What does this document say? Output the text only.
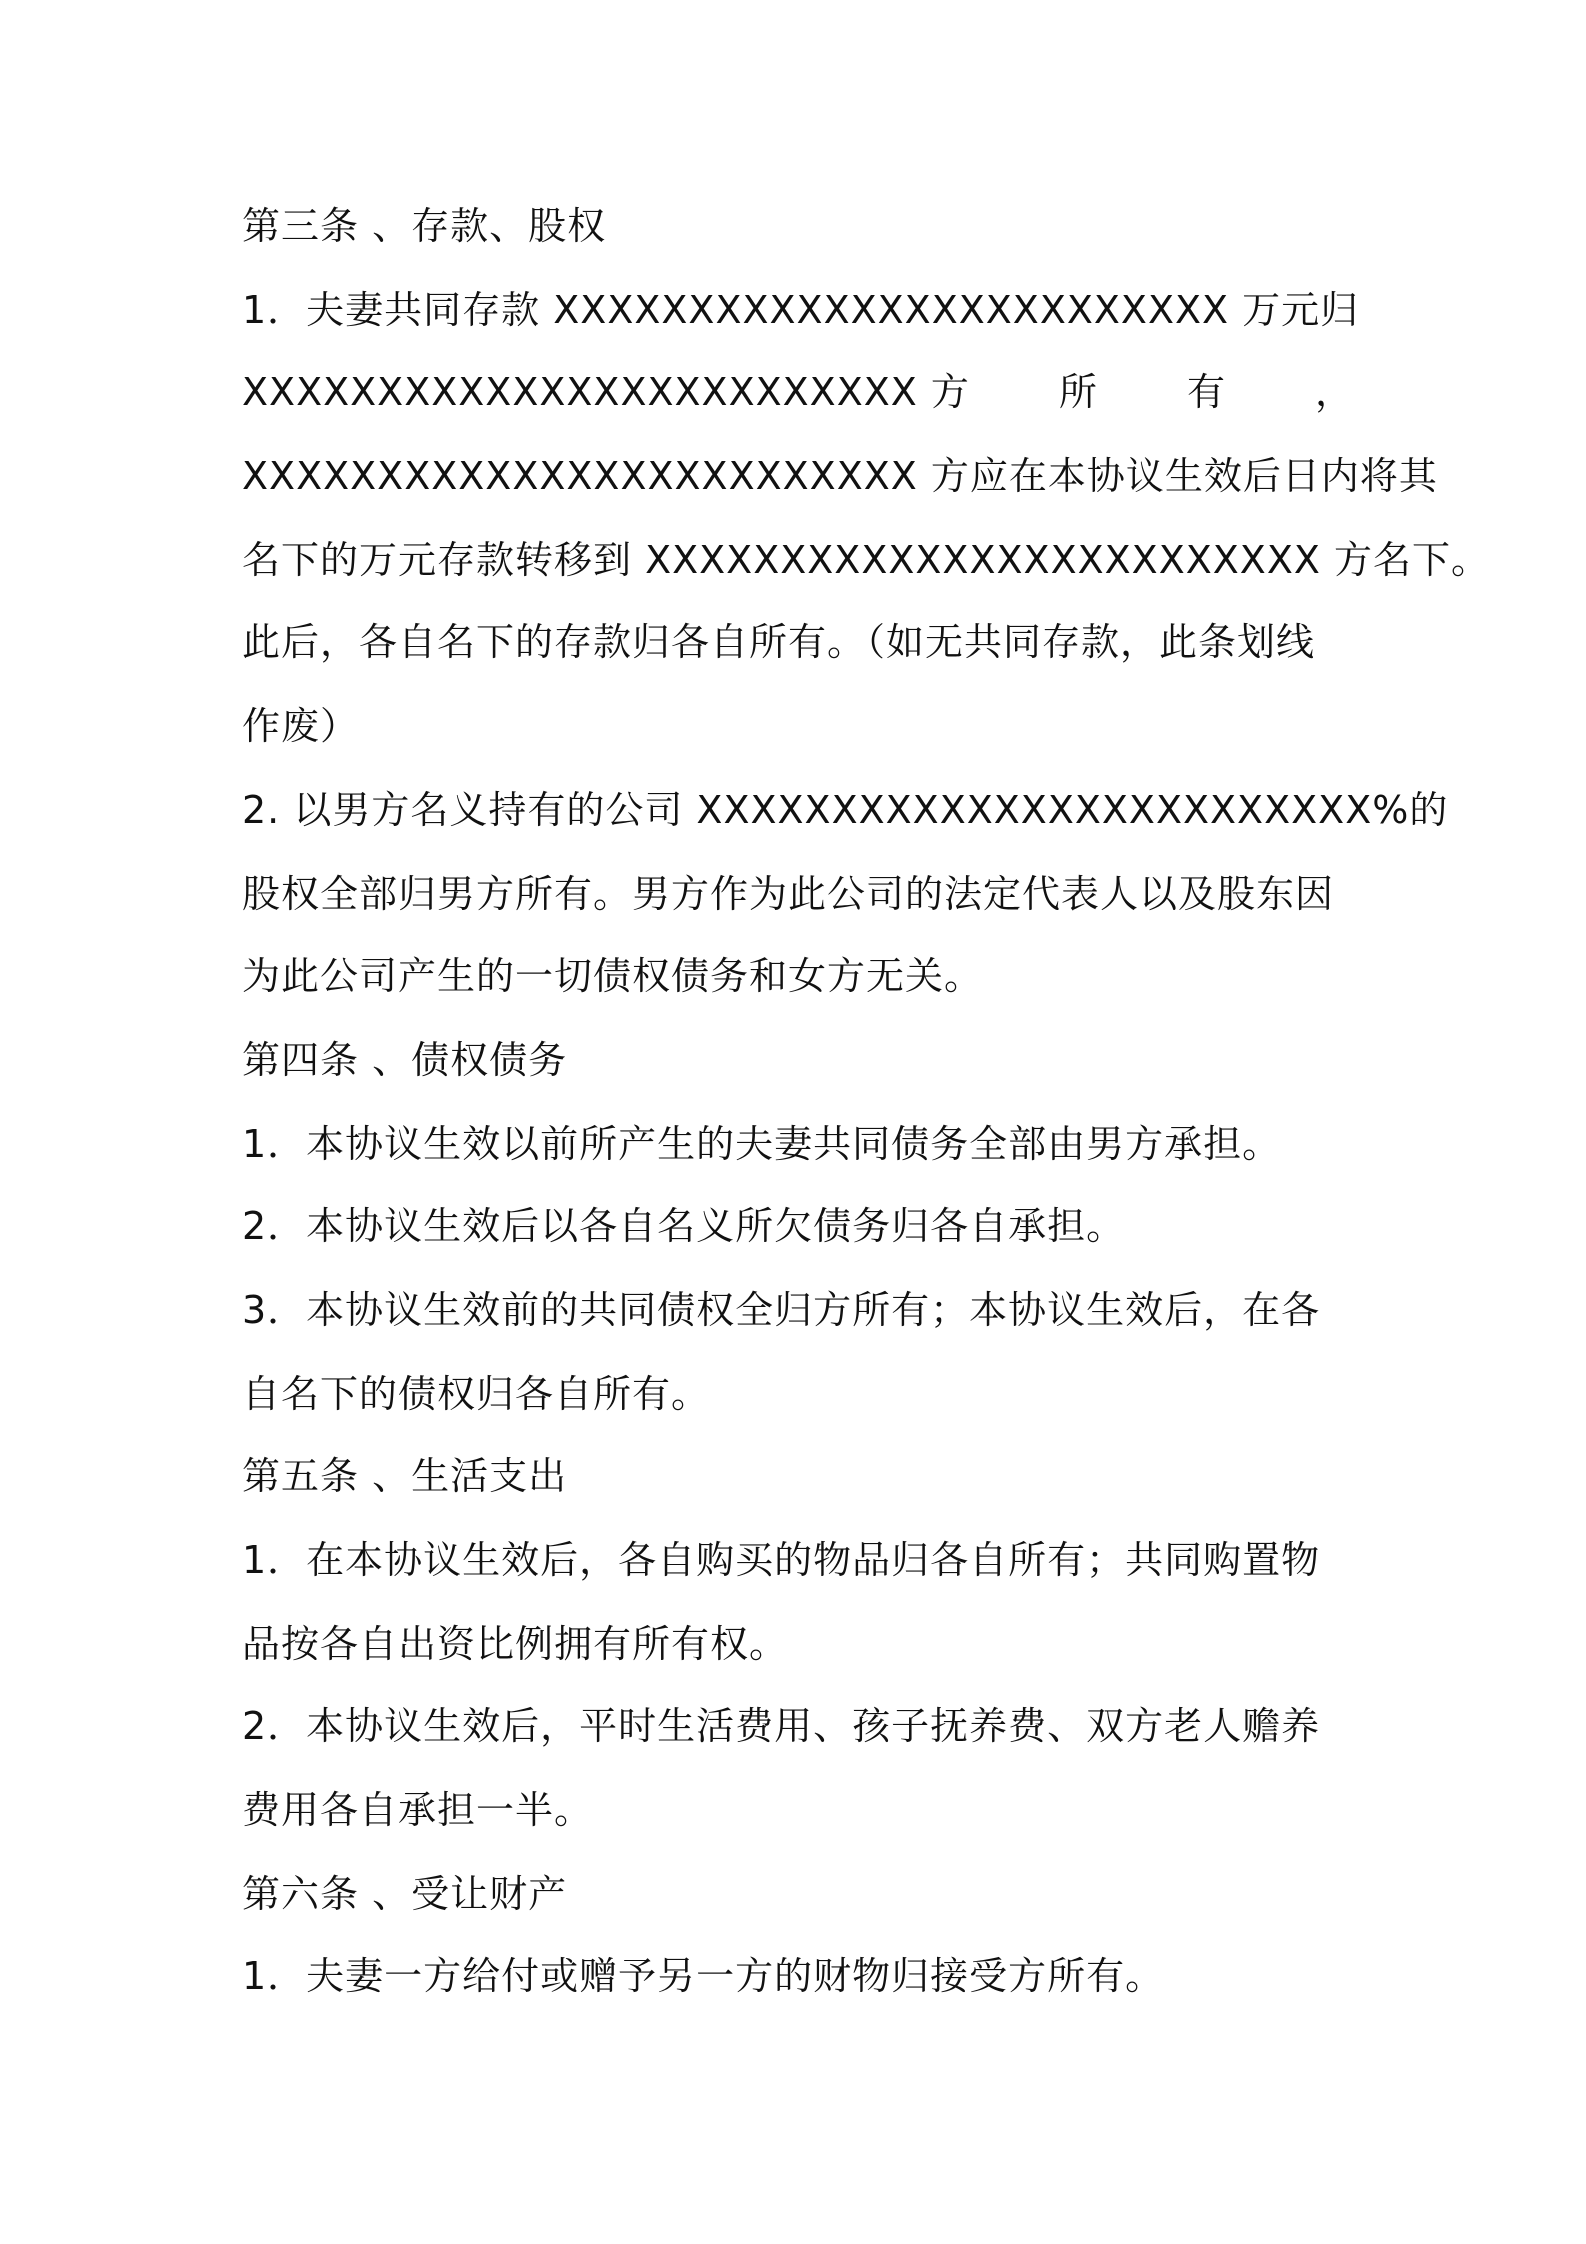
第三条 、存款、股权
1．夫妻共同存款 XXXXXXXXXXXXXXXXXXXXXXXXX 万元归
XXXXXXXXXXXXXXXXXXXXXXXXX 方 所 有 ，
XXXXXXXXXXXXXXXXXXXXXXXXX 方应在本协议生效后日内将其
名下的万元存款转移到 XXXXXXXXXXXXXXXXXXXXXXXXX 方名下。
此后，各自名下的存款归各自所有。（如无共同存款，此条划线
作废）
2. 以男方名义持有的公司 XXXXXXXXXXXXXXXXXXXXXXXXX%的
股权全部归男方所有。男方作为此公司的法定代表人以及股东因
为此公司产生的一切债权债务和女方无关。
第四条 、债权债务
1．本协议生效以前所产生的夫妻共同债务全部由男方承担。
2．本协议生效后以各自名义所欠债务归各自承担。
3．本协议生效前的共同债权全归方所有；本协议生效后，在各
自名下的债权归各自所有。
第五条 、生活支出
1．在本协议生效后，各自购买的物品归各自所有；共同购置物
品按各自出资比例拥有所有权。
2．本协议生效后，平时生活费用、孩子抚养费、双方老人赡养
费用各自承担一半。
第六条 、受让财产
1．夫妻一方给付或赠予另一方的财物归接受方所有。
